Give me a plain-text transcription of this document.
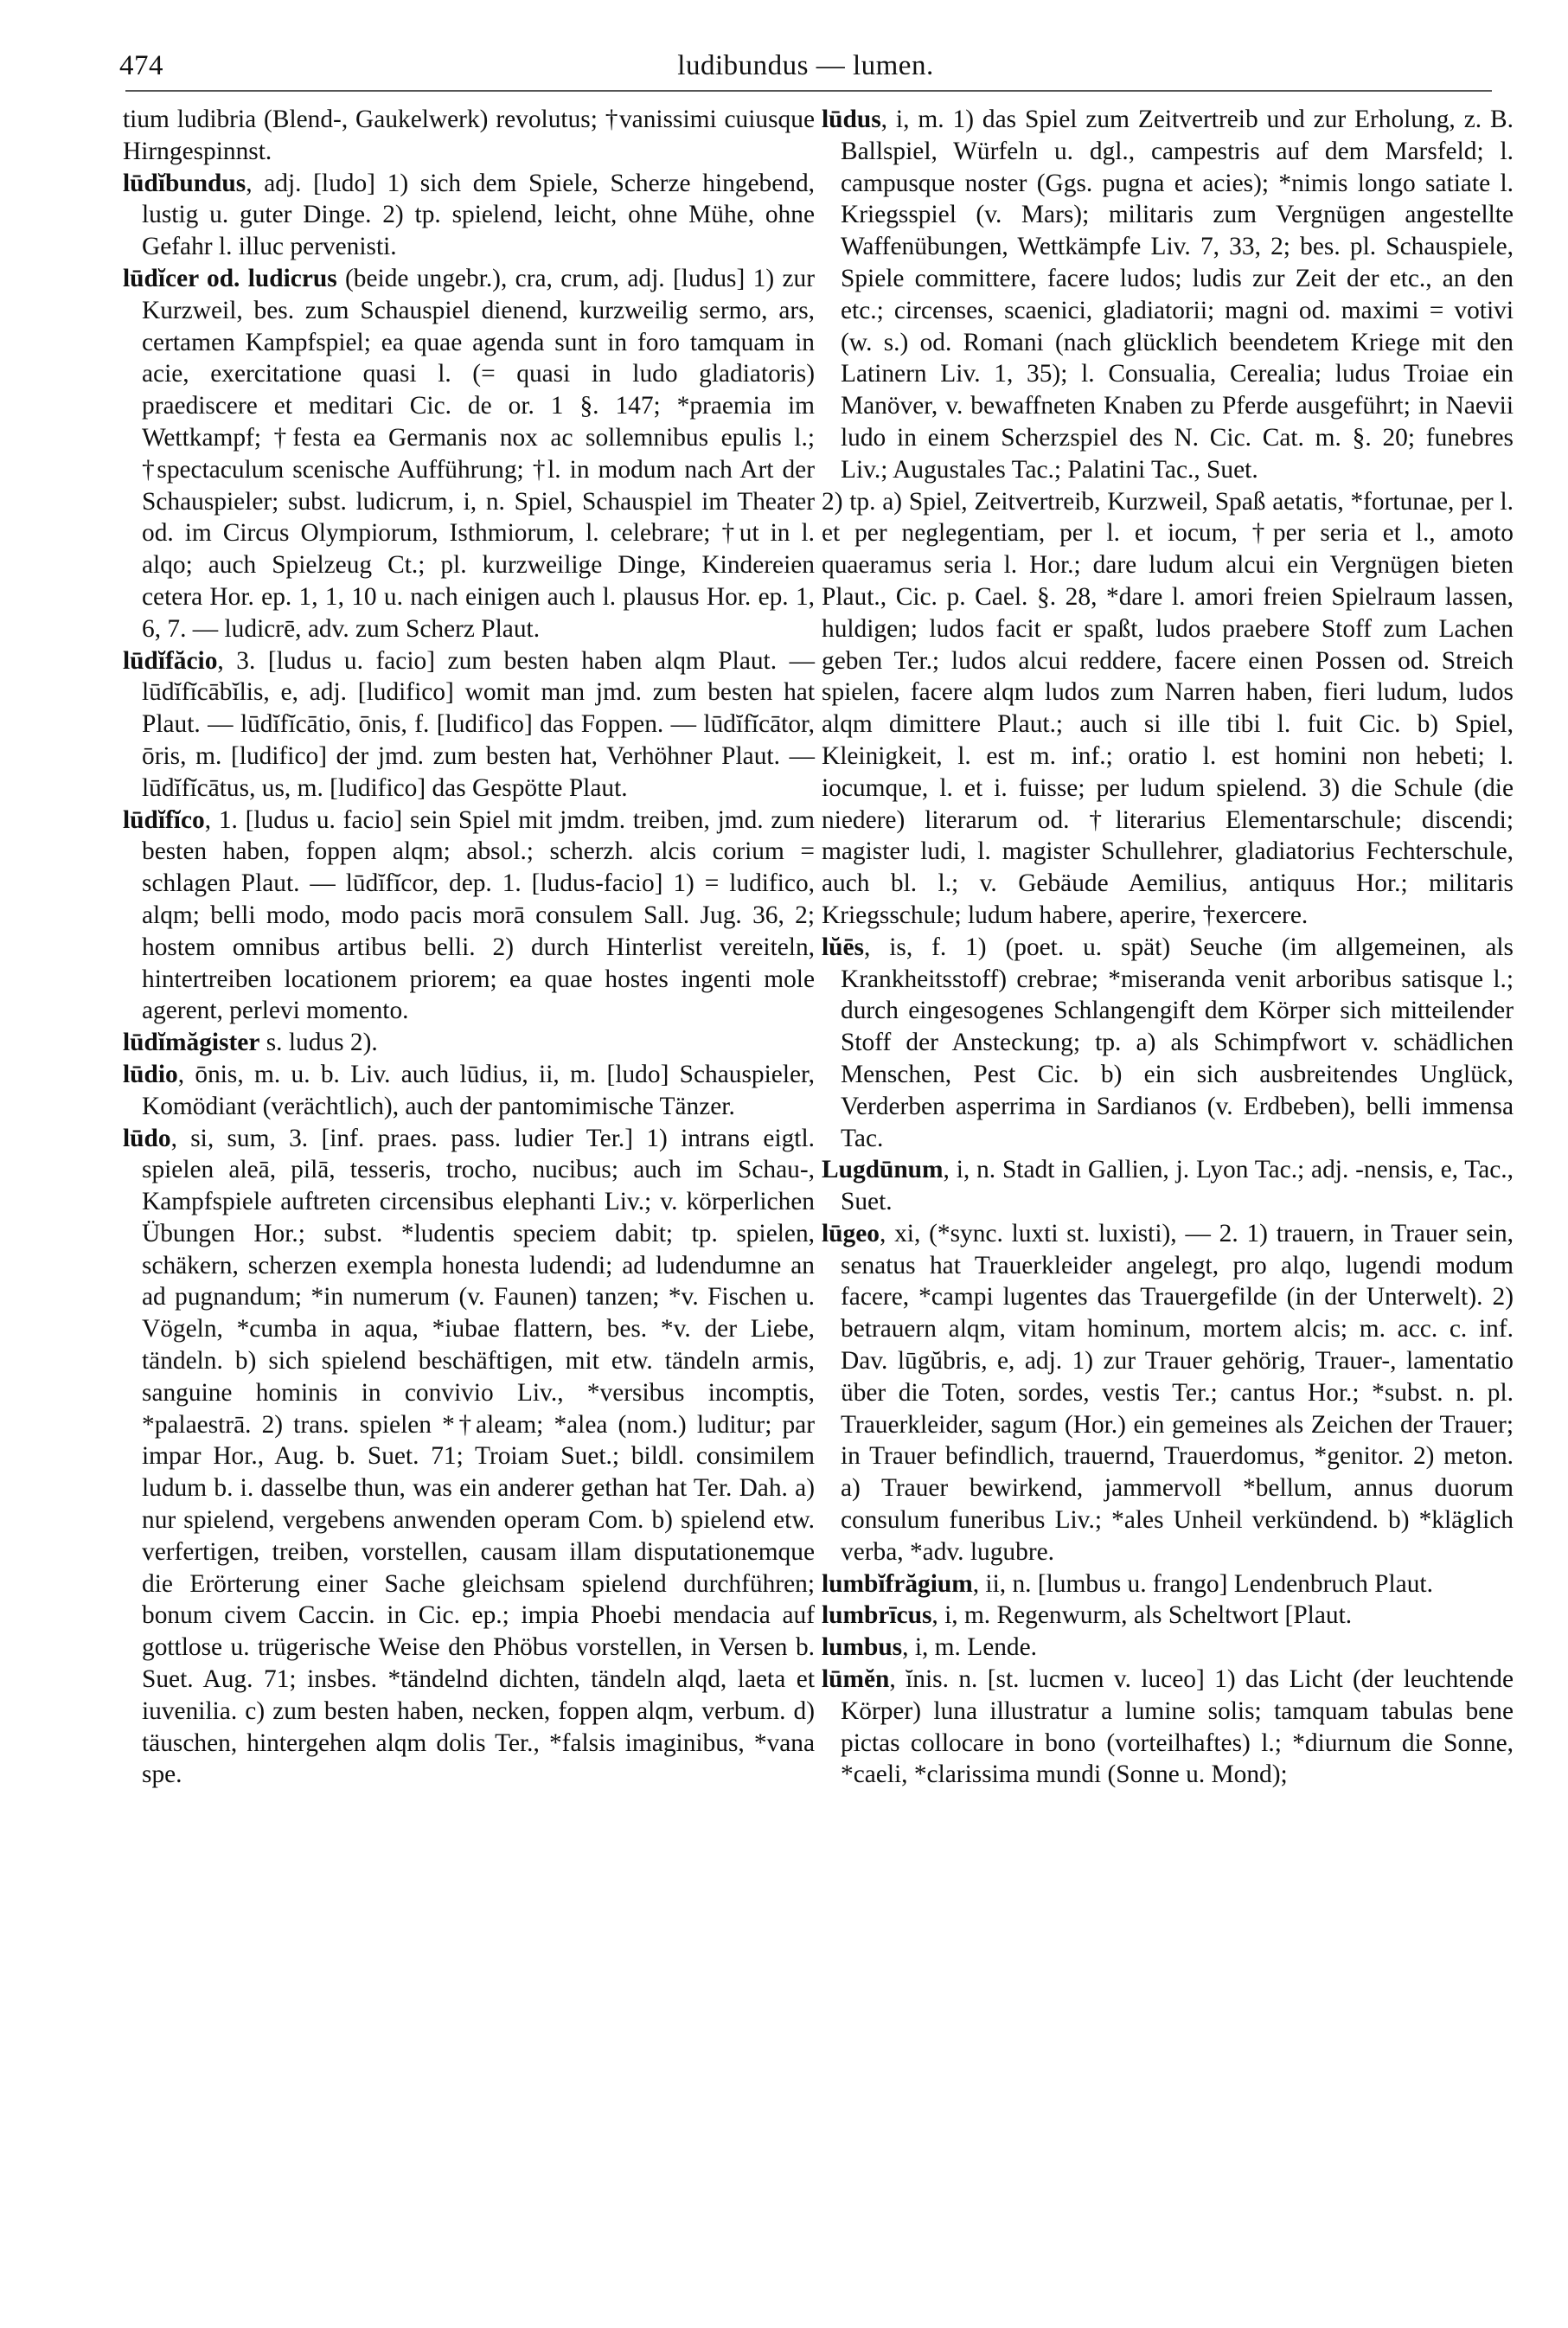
474	ludibundus — lumen.

tium ludibria (Blend-, Gaukelwerk) revolutus; †vanissimi cuiusque Hirngespinnst.

lūdĭbundus, adj. [ludo] 1) sich dem Spiele, Scherze hingebend, lustig u. guter Dinge. 2) tp. spielend, leicht, ohne Mühe, ohne Gefahr l. illuc pervenisti.

lūdĭcer od. ludicrus (beide ungebr.), cra, crum, adj. [ludus] 1) zur Kurzweil, bes. zum Schauspiel dienend, kurzweilig sermo, ars, certamen Kampfspiel; ea quae agenda sunt in foro tamquam in acie, exercitatione quasi l. (= quasi in ludo gladiatoris) praediscere et meditari Cic. de or. 1 §. 147; *praemia im Wettkampf; †festa ea Germanis nox ac sollemnibus epulis l.; †spectaculum scenische Aufführung; †l. in modum nach Art der Schauspieler; subst. ludicrum, i, n. Spiel, Schauspiel im Theater od. im Circus Olympiorum, Isthmiorum, l. celebrare; †ut in l. alqo; auch Spielzeug Ct.; pl. kurzweilige Dinge, Kindereien cetera Hor. ep. 1, 1, 10 u. nach einigen auch l. plausus Hor. ep. 1, 6, 7. — ludicrē, adv. zum Scherz Plaut.

lūdĭfăcio, 3. [ludus u. facio] zum besten haben alqm Plaut. — lūdĭfĭcābĭlis, e, adj. [ludifico] womit man jmd. zum besten hat Plaut. — lūdĭfĭcātio, ōnis, f. [ludifico] das Foppen. — lūdĭfĭcātor, ōris, m. [ludifico] der jmd. zum besten hat, Verhöhner Plaut. — lūdĭfĭcātus, us, m. [ludifico] das Gespötte Plaut.

lūdĭfĭco, 1. [ludus u. facio] sein Spiel mit jmdm. treiben, jmd. zum besten haben, foppen alqm; absol.; scherzh. alcis corium = schlagen Plaut. — lūdĭfĭcor, dep. 1. [ludus-facio] 1) = ludifico, alqm; belli modo, modo pacis morā consulem Sall. Jug. 36, 2; hostem omnibus artibus belli. 2) durch Hinterlist vereiteln, hintertreiben locationem priorem; ea quae hostes ingenti mole agerent, perlevi momento.

lūdĭmăgister s. ludus 2).

lūdio, ōnis, m. u. b. Liv. auch lūdius, ii, m. [ludo] Schauspieler, Komödiant (verächtlich), auch der pantomimische Tänzer.

lūdo, si, sum, 3. [inf. praes. pass. ludier Ter.] 1) intrans eigtl. spielen aleā, pilā, tesseris, trocho, nucibus; auch im Schau-, Kampfspiele auftreten circensibus elephanti Liv.; v. körperlichen Übungen Hor.; subst. *ludentis speciem dabit; tp. spielen, schäkern, scherzen exempla honesta ludendi; ad ludendumne an ad pugnandum; *in numerum (v. Faunen) tanzen; *v. Fischen u. Vögeln, *cumba in aqua, *iubae flattern, bes. *v. der Liebe, tändeln. b) sich spielend beschäftigen, mit etw. tändeln armis, sanguine hominis in convivio Liv., *versibus incomptis, *palaestrā. 2) trans. spielen *†aleam; *alea (nom.) luditur; par impar Hor., Aug. b. Suet. 71; Troiam Suet.; bildl. consimilem ludum b. i. dasselbe thun, was ein anderer gethan hat Ter. Dah. a) nur spielend, vergebens anwenden operam Com. b) spielend etw. verfertigen, treiben, vorstellen, causam illam disputationemque die Erörterung einer Sache gleichsam spielend durchführen; bonum civem Caccin. in Cic. ep.; impia Phoebi mendacia auf gottlose u. trügerische Weise den Phöbus vorstellen, in Versen b. Suet. Aug. 71; insbes. *tändelnd dichten, tändeln alqd, laeta et iuvenilia. c) zum besten haben, necken, foppen alqm, verbum. d) täuschen, hintergehen alqm dolis Ter., *falsis imaginibus, *vana spe.

lūdus, i, m. 1) das Spiel zum Zeitvertreib und zur Erholung, z. B. Ballspiel, Würfeln u. dgl., campestris auf dem Marsfeld; l. campusque noster (Ggs. pugna et acies); *nimis longo satiate l. Kriegsspiel (v. Mars); militaris zum Vergnügen angestellte Waffenübungen, Wettkämpfe Liv. 7, 33, 2; bes. pl. Schauspiele, Spiele committere, facere ludos; ludis zur Zeit der etc., an den etc.; circenses, scaenici, gladiatorii; magni od. maximi = votivi (w. s.) od. Romani (nach glücklich beendetem Kriege mit den Latinern Liv. 1, 35); l. Consualia, Cerealia; ludus Troiae ein Manöver, v. bewaffneten Knaben zu Pferde ausgeführt; in Naevii ludo in einem Scherzspiel des N. Cic. Cat. m. §. 20; funebres Liv.; Augustales Tac.; Palatini Tac., Suet.

2) tp. a) Spiel, Zeitvertreib, Kurzweil, Spaß aetatis, *fortunae, per l. et per neglegentiam, per l. et iocum, †per seria et l., amoto quaeramus seria l. Hor.; dare ludum alcui ein Vergnügen bieten Plaut., Cic. p. Cael. §. 28, *dare l. amori freien Spielraum lassen, huldigen; ludos facit er spaßt, ludos praebere Stoff zum Lachen geben Ter.; ludos alcui reddere, facere einen Possen od. Streich spielen, facere alqm ludos zum Narren haben, fieri ludum, ludos alqm dimittere Plaut.; auch si ille tibi l. fuit Cic. b) Spiel, Kleinigkeit, l. est m. inf.; oratio l. est homini non hebeti; l. iocumque, l. et i. fuisse; per ludum spielend. 3) die Schule (die niedere) literarum od. †literarius Elementarschule; discendi; magister ludi, l. magister Schullehrer, gladiatorius Fechterschule, auch bl. l.; v. Gebäude Aemilius, antiquus Hor.; militaris Kriegsschule; ludum habere, aperire, †exercere.

lŭēs, is, f. 1) (poet. u. spät) Seuche (im allgemeinen, als Krankheitsstoff) crebrae; *miseranda venit arboribus satisque l.; durch eingesogenes Schlangengift dem Körper sich mitteilender Stoff der Ansteckung; tp. a) als Schimpfwort v. schädlichen Menschen, Pest Cic. b) ein sich ausbreitendes Unglück, Verderben asperrima in Sardianos (v. Erdbeben), belli immensa Tac.

Lugdūnum, i, n. Stadt in Gallien, j. Lyon Tac.; adj. -nensis, e, Tac., Suet.

lūgeo, xi, (*sync. luxti st. luxisti), — 2. 1) trauern, in Trauer sein, senatus hat Trauerkleider angelegt, pro alqo, lugendi modum facere, *campi lugentes das Trauergefilde (in der Unterwelt). 2) betrauern alqm, vitam hominum, mortem alcis; m. acc. c. inf. Dav. lūgŭbris, e, adj. 1) zur Trauer gehörig, Trauer-, lamentatio über die Toten, sordes, vestis Ter.; cantus Hor.; *subst. n. pl. Trauerkleider, sagum (Hor.) ein gemeines als Zeichen der Trauer; in Trauer befindlich, trauernd, Trauerdomus, *genitor. 2) meton. a) Trauer bewirkend, jammervoll *bellum, annus duorum consulum funeribus Liv.; *ales Unheil verkündend. b) *kläglich verba, *adv. lugubre.

lumbĭfrăgium, ii, n. [lumbus u. frango] Lendenbruch Plaut.

lumbrīcus, i, m. Regenwurm, als Scheltwort [Plaut.

lumbus, i, m. Lende.

lūmĕn, ĭnis. n. [st. lucmen v. luceo] 1) das Licht (der leuchtende Körper) luna illustratur a lumine solis; tamquam tabulas bene pictas collocare in bono (vorteilhaftes) l.; *diurnum die Sonne, *caeli, *clarissima mundi (Sonne u. Mond);
